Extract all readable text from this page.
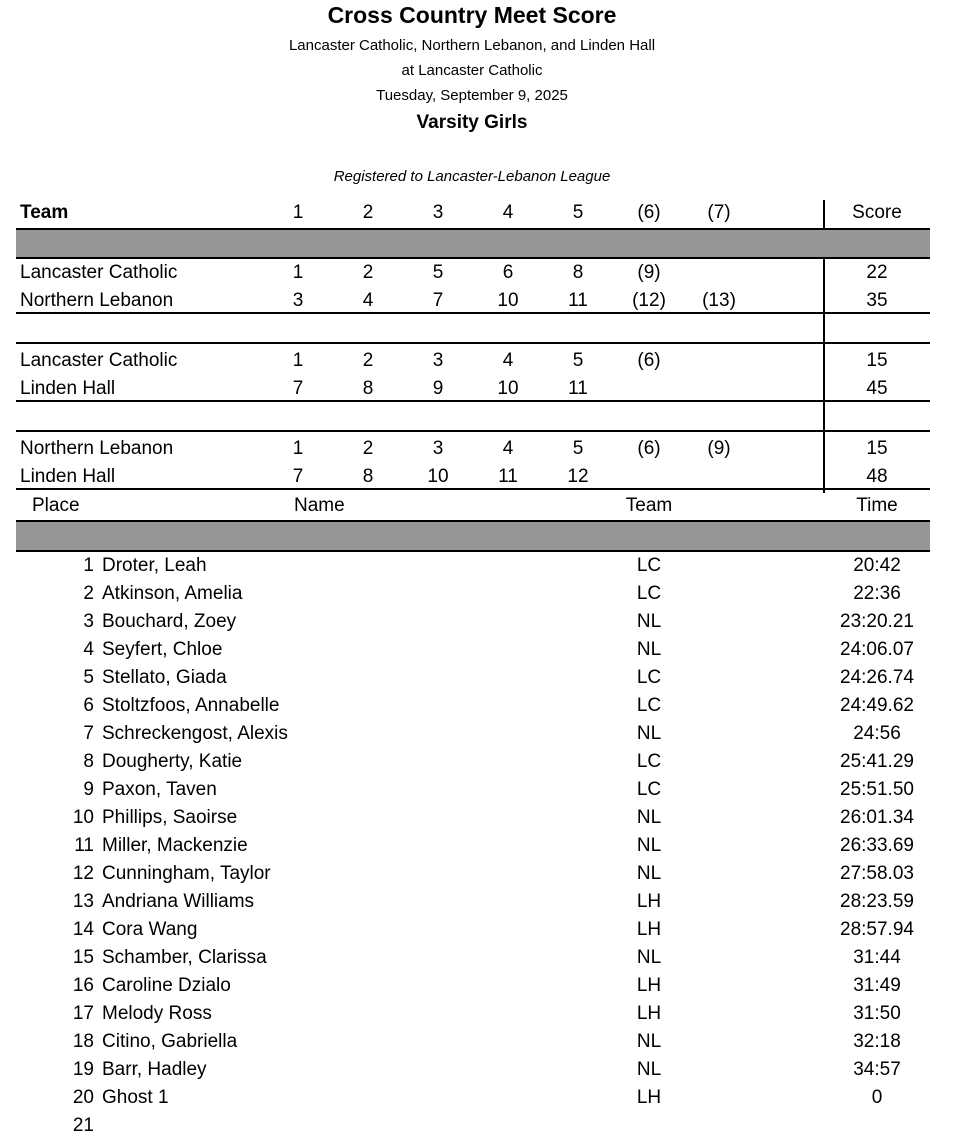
Cross Country Meet Score
Lancaster Catholic, Northern Lebanon, and Linden Hall
at Lancaster Catholic
Tuesday, September 9, 2025
Varsity Girls
Registered to Lancaster-Lebanon League
Team	1	2	3	4	5	(6) (7)	Score
Lancaster Catholic	1	2	5	6	8	(9)	22
Northern Lebanon	3	4	7	10	11 (12) (13)	35
Lancaster Catholic	1	2	3	4	5	(6)	15
Linden Hall	7	8	9	10	11	45
Northern Lebanon	1	2	3	4	5	(6) (9)	15
Linden Hall	7	8	10	11	12	48
Place	Name	Team	Time
1 Droter, Leah	LC	20:42
2 Atkinson, Amelia	LC	22:36
3 Bouchard, Zoey	NL	23:20.21
4 Seyfert, Chloe	NL	24:06.07
5 Stellato, Giada	LC	24:26.74
6 Stoltzfoos, Annabelle	LC	24:49.62
7 Schreckengost, Alexis	NL	24:56
8 Dougherty, Katie	LC	25:41.29
9 Paxon, Taven	LC	25:51.50
10 Phillips, Saoirse	NL	26:01.34
11 Miller, Mackenzie	NL	26:33.69
12 Cunningham, Taylor	NL	27:58.03
13 Andriana Williams	LH	28:23.59
14 Cora Wang	LH	28:57.94
15 Schamber, Clarissa	NL	31:44
16 Caroline Dzialo	LH	31:49
17 Melody Ross	LH	31:50
18 Citino, Gabriella	NL	32:18
19 Barr, Hadley	NL	34:57
20 Ghost 1	LH	0
21
